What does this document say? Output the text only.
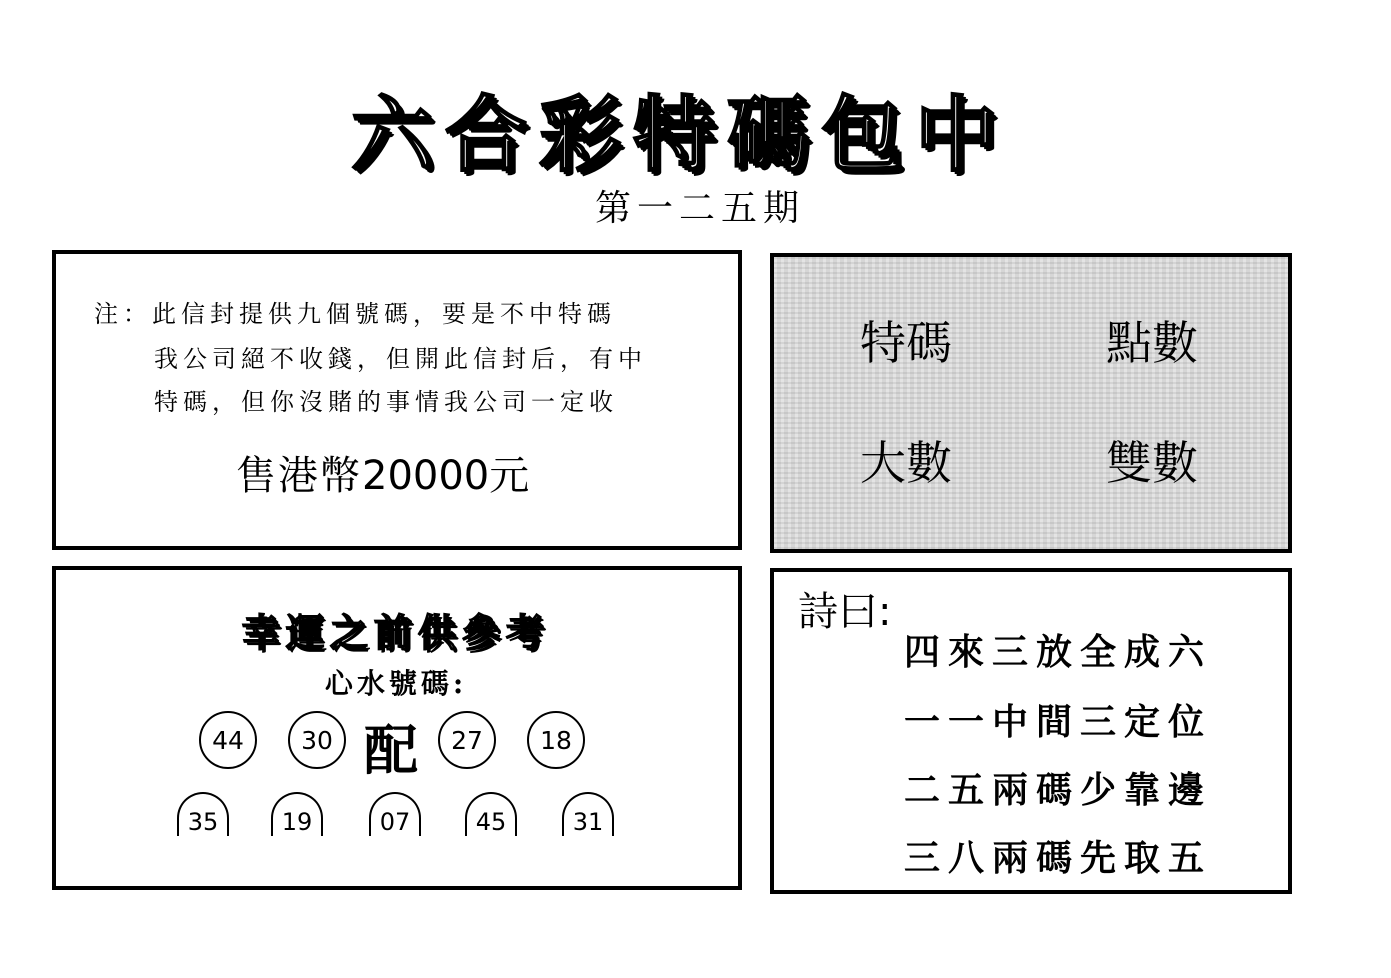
六合彩特碼包中
第一二五期
注：此信封提供九個號碼，要是不中特碼
我公司絕不收錢，但開此信封后，有中
特碼，但你沒賭的事情我公司一定收
售港幣20000元
特碼	點數
大數	雙數
幸運之前供參考
心水號碼:
44	30 配	27	18
35	19	07	45	31
詩曰:
四來三放全成六
一一中間三定位
二五兩碼少靠邊
三八兩碼先取五
